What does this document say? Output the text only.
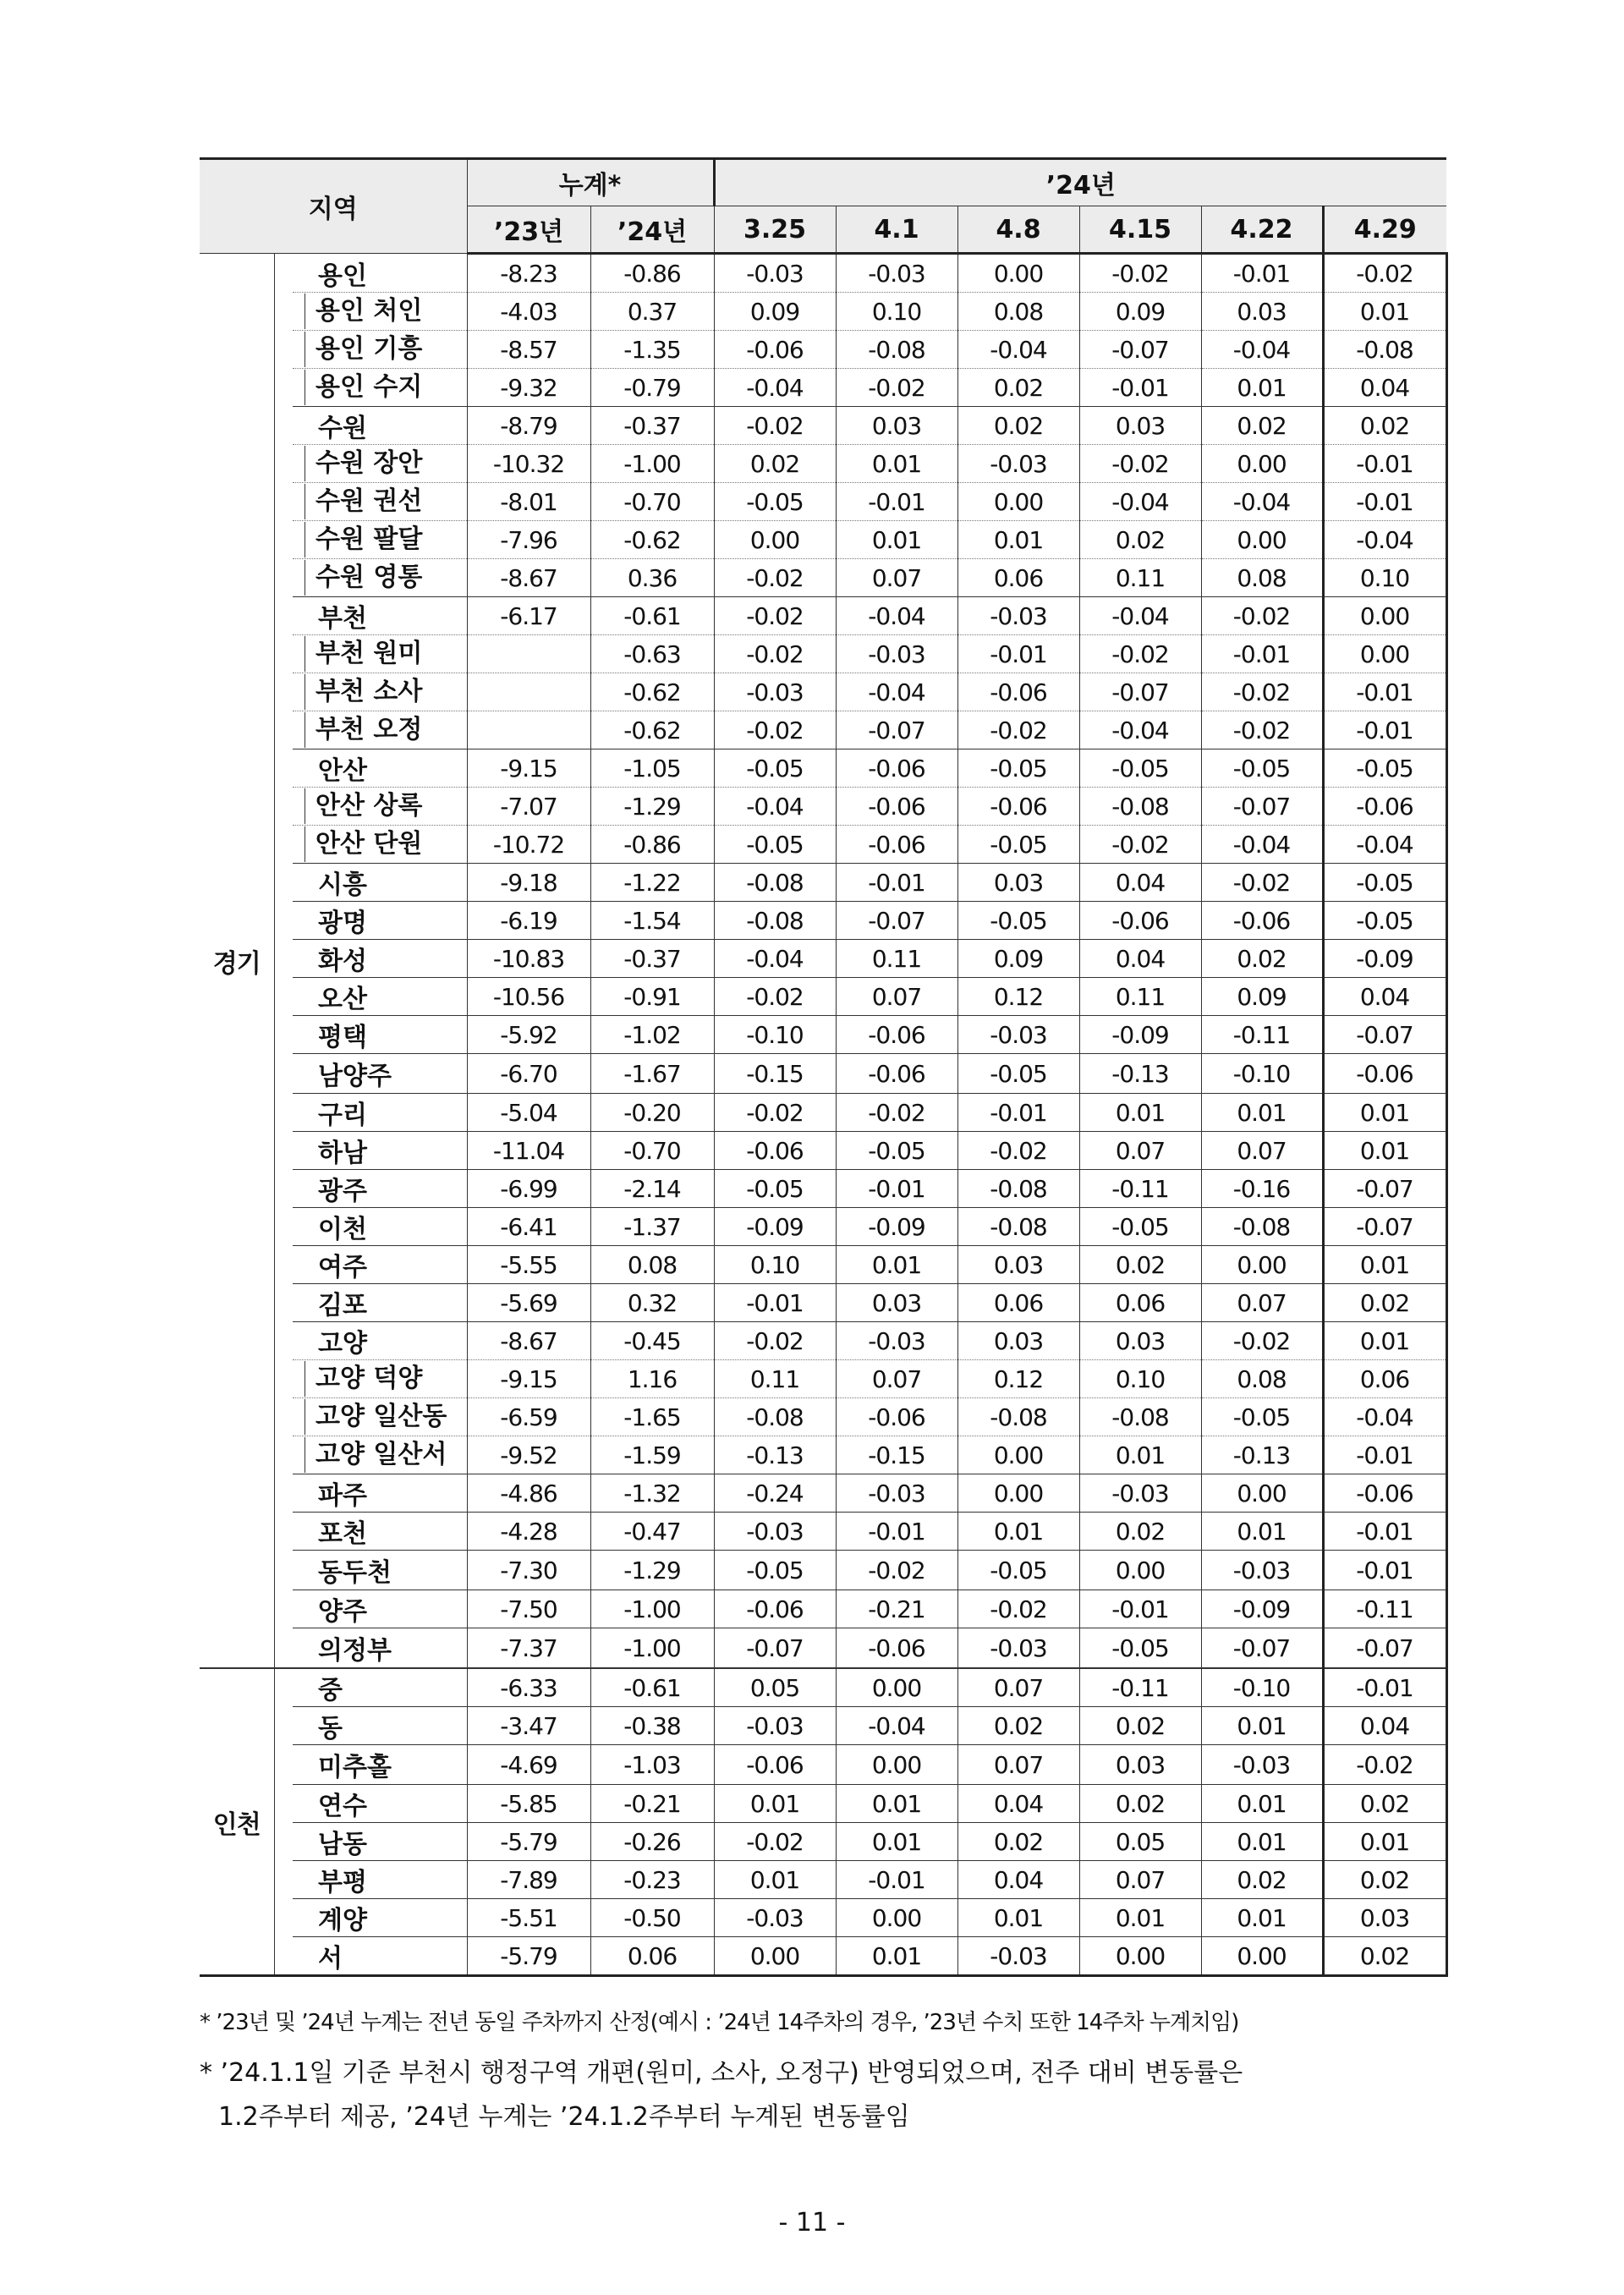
지역			누계*		’24년					
			’23년	’24년	3.25	4.1	4.8	4.15	4.22	4.29
경기		용인	-8.23	-0.86	-0.03	-0.03	0.00	-0.02	-0.01	-0.02
		용인 처인	-4.03	0.37	0.09	0.10	0.08	0.09	0.03	0.01
		용인 기흥	-8.57	-1.35	-0.06	-0.08	-0.04	-0.07	-0.04	-0.08
		용인 수지	-9.32	-0.79	-0.04	-0.02	0.02	-0.01	0.01	0.04
		수원	-8.79	-0.37	-0.02	0.03	0.02	0.03	0.02	0.02
		수원 장안	-10.32	-1.00	0.02	0.01	-0.03	-0.02	0.00	-0.01
		수원 권선	-8.01	-0.70	-0.05	-0.01	0.00	-0.04	-0.04	-0.01
		수원 팔달	-7.96	-0.62	0.00	0.01	0.01	0.02	0.00	-0.04
		수원 영통	-8.67	0.36	-0.02	0.07	0.06	0.11	0.08	0.10
		부천	-6.17	-0.61	-0.02	-0.04	-0.03	-0.04	-0.02	0.00
		부천 원미		-0.63	-0.02	-0.03	-0.01	-0.02	-0.01	0.00
		부천 소사		-0.62	-0.03	-0.04	-0.06	-0.07	-0.02	-0.01
		부천 오정		-0.62	-0.02	-0.07	-0.02	-0.04	-0.02	-0.01
		안산	-9.15	-1.05	-0.05	-0.06	-0.05	-0.05	-0.05	-0.05
		안산 상록	-7.07	-1.29	-0.04	-0.06	-0.06	-0.08	-0.07	-0.06
		안산 단원	-10.72	-0.86	-0.05	-0.06	-0.05	-0.02	-0.04	-0.04
		시흥	-9.18	-1.22	-0.08	-0.01	0.03	0.04	-0.02	-0.05
		광명	-6.19	-1.54	-0.08	-0.07	-0.05	-0.06	-0.06	-0.05
		화성	-10.83	-0.37	-0.04	0.11	0.09	0.04	0.02	-0.09
		오산	-10.56	-0.91	-0.02	0.07	0.12	0.11	0.09	0.04
		평택	-5.92	-1.02	-0.10	-0.06	-0.03	-0.09	-0.11	-0.07
		남양주	-6.70	-1.67	-0.15	-0.06	-0.05	-0.13	-0.10	-0.06
		구리	-5.04	-0.20	-0.02	-0.02	-0.01	0.01	0.01	0.01
		하남	-11.04	-0.70	-0.06	-0.05	-0.02	0.07	0.07	0.01
		광주	-6.99	-2.14	-0.05	-0.01	-0.08	-0.11	-0.16	-0.07
		이천	-6.41	-1.37	-0.09	-0.09	-0.08	-0.05	-0.08	-0.07
		여주	-5.55	0.08	0.10	0.01	0.03	0.02	0.00	0.01
		김포	-5.69	0.32	-0.01	0.03	0.06	0.06	0.07	0.02
		고양	-8.67	-0.45	-0.02	-0.03	0.03	0.03	-0.02	0.01
		고양 덕양	-9.15	1.16	0.11	0.07	0.12	0.10	0.08	0.06
		고양 일산동	-6.59	-1.65	-0.08	-0.06	-0.08	-0.08	-0.05	-0.04
		고양 일산서	-9.52	-1.59	-0.13	-0.15	0.00	0.01	-0.13	-0.01
		파주	-4.86	-1.32	-0.24	-0.03	0.00	-0.03	0.00	-0.06
		포천	-4.28	-0.47	-0.03	-0.01	0.01	0.02	0.01	-0.01
		동두천	-7.30	-1.29	-0.05	-0.02	-0.05	0.00	-0.03	-0.01
		양주	-7.50	-1.00	-0.06	-0.21	-0.02	-0.01	-0.09	-0.11
		의정부	-7.37	-1.00	-0.07	-0.06	-0.03	-0.05	-0.07	-0.07
인천		중	-6.33	-0.61	0.05	0.00	0.07	-0.11	-0.10	-0.01
		동	-3.47	-0.38	-0.03	-0.04	0.02	0.02	0.01	0.04
		미추홀	-4.69	-1.03	-0.06	0.00	0.07	0.03	-0.03	-0.02
		연수	-5.85	-0.21	0.01	0.01	0.04	0.02	0.01	0.02
		남동	-5.79	-0.26	-0.02	0.01	0.02	0.05	0.01	0.01
		부평	-7.89	-0.23	0.01	-0.01	0.04	0.07	0.02	0.02
		계양	-5.51	-0.50	-0.03	0.00	0.01	0.01	0.01	0.03
		서	-5.79	0.06	0.00	0.01	-0.03	0.00	0.00	0.02

* ’23년 및 ’24년 누계는 전년 동일 주차까지 산정(예시 : ’24년 14주차의 경우, ’23년 수치 또한 14주차 누계치임)

* ’24.1.1일 기준 부천시 행정구역 개편(원미, 소사, 오정구) 반영되었으며, 전주 대비 변동률은
1.2주부터 제공, ’24년 누계는 ’24.1.2주부터 누계된 변동률임

- 11 -
